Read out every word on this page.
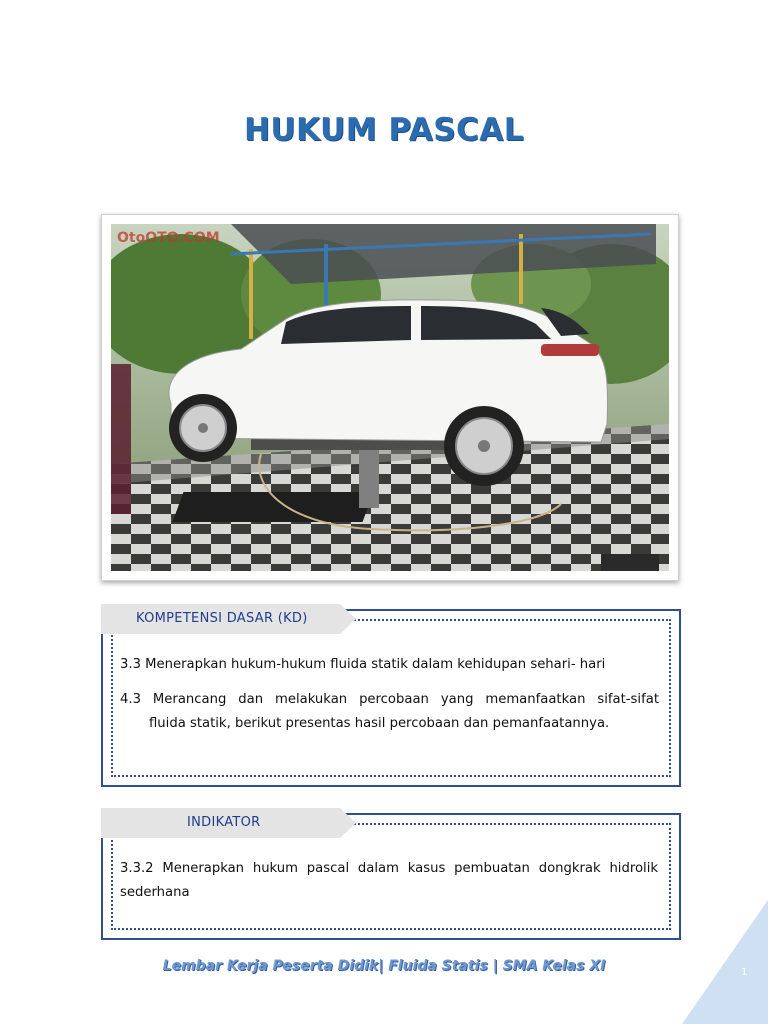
HUKUM PASCAL
OtoOTO.COM
KOMPETENSI DASAR (KD)
3.3 Menerapkan hukum-hukum fluida statik dalam kehidupan sehari- hari
4.3 Merancang dan melakukan percobaan yang memanfaatkan sifat-sifat
fluida statik, berikut presentas hasil percobaan dan pemanfaatannya.
INDIKATOR
3.3.2 Menerapkan hukum pascal dalam kasus pembuatan dongkrak hidrolik sederhana
Lembar Kerja Peserta Didik| Fluida Statis | SMA Kelas XI	1
